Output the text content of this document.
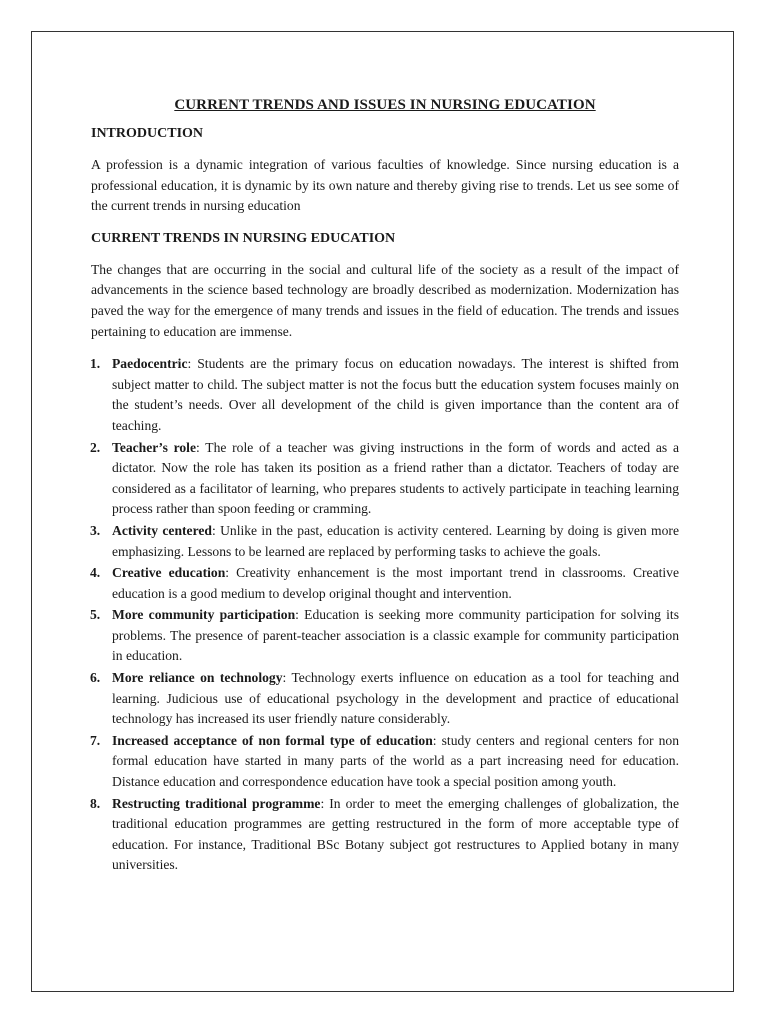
CURRENT TRENDS AND ISSUES IN NURSING EDUCATION
INTRODUCTION

A profession is a dynamic integration of various faculties of knowledge. Since nursing education is a professional education, it is dynamic by its own nature and thereby giving rise to trends. Let us see some of the current trends in nursing education

CURRENT TRENDS IN NURSING EDUCATION

The changes that are occurring in the social and cultural life of the society as a result of the impact of advancements in the science based technology are broadly described as modernization. Modernization has paved the way for the emergence of many trends and issues in the field of education. The trends and issues pertaining to education are immense.

1. Paedocentric: Students are the primary focus on education nowadays. The interest is shifted from subject matter to child. The subject matter is not the focus butt the education system focuses mainly on the student’s needs. Over all development of the child is given importance than the content ara of teaching.
2. Teacher’s role: The role of a teacher was giving instructions in the form of words and acted as a dictator. Now the role has taken its position as a friend rather than a dictator. Teachers of today are considered as a facilitator of learning, who prepares students to actively participate in teaching learning process rather than spoon feeding or cramming.
3. Activity centered: Unlike in the past, education is activity centered. Learning by doing is given more emphasizing. Lessons to be learned are replaced by performing tasks to achieve the goals.
4. Creative education: Creativity enhancement is the most important trend in classrooms. Creative education is a good medium to develop original thought and intervention.
5. More community participation: Education is seeking more community participation for solving its problems. The presence of parent-teacher association is a classic example for community participation in education.
6. More reliance on technology: Technology exerts influence on education as a tool for teaching and learning. Judicious use of educational psychology in the development and practice of educational technology has increased its user friendly nature considerably.
7. Increased acceptance of non formal type of education: study centers and regional centers for non formal education have started in many parts of the world as a part increasing need for education. Distance education and correspondence education have took a special position among youth.
8. Restructing traditional programme: In order to meet the emerging challenges of globalization, the traditional education programmes are getting restructured in the form of more acceptable type of education. For instance, Traditional BSc Botany subject got restructures to Applied botany in many universities.
